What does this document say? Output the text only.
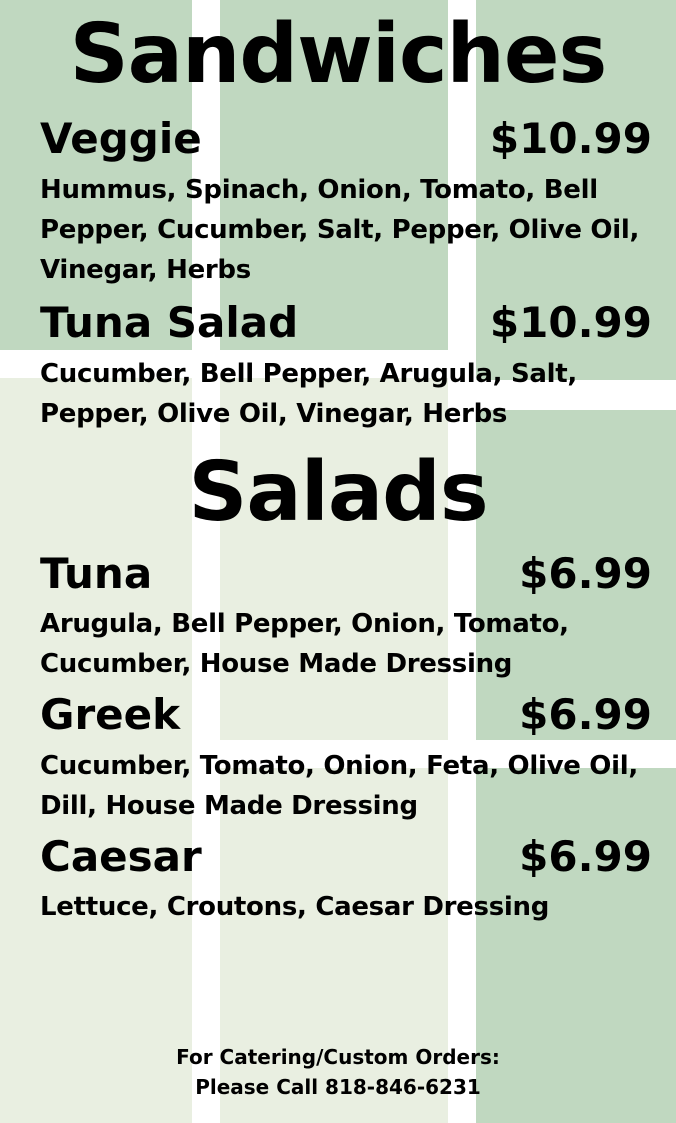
Sandwiches
Veggie	$10.99
Hummus, Spinach, Onion, Tomato, Bell Pepper, Cucumber, Salt, Pepper, Olive Oil, Vinegar, Herbs
Tuna Salad	$10.99
Cucumber, Bell Pepper, Arugula, Salt, Pepper, Olive Oil, Vinegar, Herbs
Salads
Tuna	$6.99
Arugula, Bell Pepper, Onion, Tomato, Cucumber, House Made Dressing
Greek	$6.99
Cucumber, Tomato, Onion, Feta, Olive Oil, Dill, House Made Dressing
Caesar	$6.99
Lettuce, Croutons, Caesar Dressing
For Catering/Custom Orders:
Please Call 818-846-6231
